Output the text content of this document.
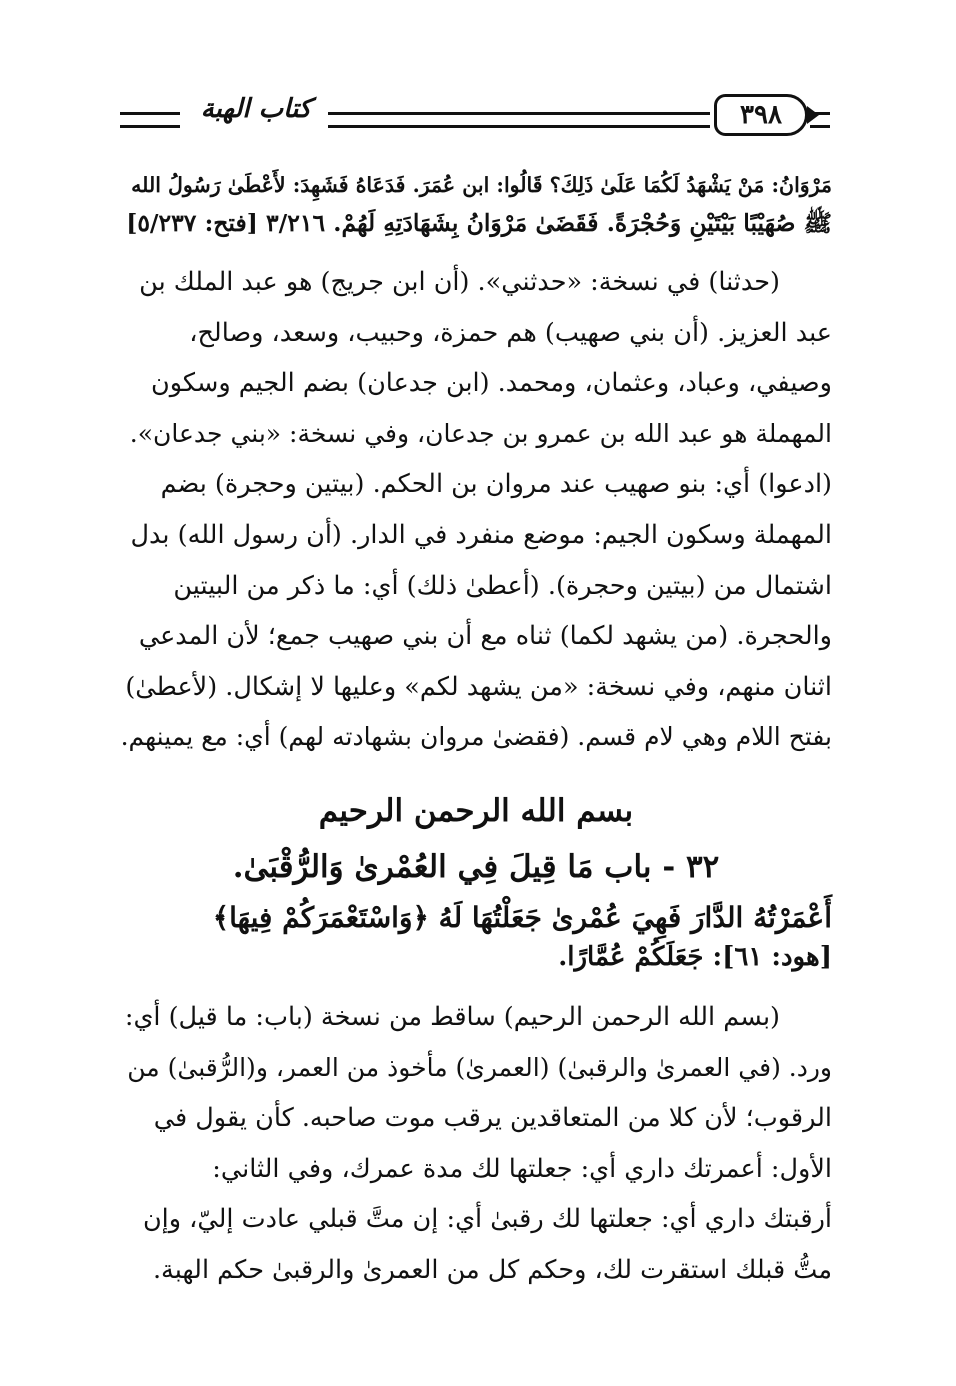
كتاب الهبة	٣٩٨
مَرْوَانُ: مَنْ يَشْهَدُ لَكُمَا عَلَىٰ ذَلِكَ؟ قَالُوا: ابن عُمَرَ. فَدَعَاهُ فَشَهِدَ: لأَعْطَىٰ رَسُولُ الله
ﷺ صُهَيْبًا بَيْتَيْنِ وَحُجْرَةً. فَقَضَىٰ مَرْوَانُ بِشَهَادَتِهِ لَهُمْ. ٣/٢١٦ [فتح: ٥/٢٣٧]
(حدثنا) في نسخة: «حدثني». (أن ابن جريج) هو عبد الملك بن
عبد العزيز. (أن بني صهيب) هم حمزة، وحبيب، وسعد، وصالح،
وصيفي، وعباد، وعثمان، ومحمد. (ابن جدعان) بضم الجيم وسكون
المهملة هو عبد الله بن عمرو بن جدعان، وفي نسخة: «بني جدعان».
(ادعوا) أي: بنو صهيب عند مروان بن الحكم. (بيتين وحجرة) بضم
المهملة وسكون الجيم: موضع منفرد في الدار. (أن رسول الله) بدل
اشتمال من (بيتين وحجرة). (أعطىٰ ذلك) أي: ما ذكر من البيتين
والحجرة. (من يشهد لكما) ثناه مع أن بني صهيب جمع؛ لأن المدعي
اثنان منهم، وفي نسخة: «من يشهد لكم» وعليها لا إشكال. (لأعطىٰ)
بفتح اللام وهي لام قسم. (فقضىٰ مروان بشهادته لهم) أي: مع يمينهم.
بسم الله الرحمن الرحيم
٣٢ - باب مَا قِيلَ فِي العُمْرىٰ وَالرُّقْبَىٰ.
أَعْمَرْتُهُ الدَّارَ فَهِيَ عُمْرىٰ جَعَلْتُهَا لَهُ ﴿وَاسْتَعْمَرَكُمْ فِيهَا﴾
[هود: ٦١]: جَعَلَكُمْ عُمَّارًا.
(بسم الله الرحمن الرحيم) ساقط من نسخة (باب: ما قيل) أي:
ورد. (في العمرىٰ والرقبىٰ) (العمرىٰ) مأخوذ من العمر، و(الرُّقبىٰ) من
الرقوب؛ لأن كلا من المتعاقدين يرقب موت صاحبه. كأن يقول في
الأول: أعمرتك داري أي: جعلتها لك مدة عمرك، وفي الثاني:
أرقبتك داري أي: جعلتها لك رقبىٰ أي: إن متَّ قبلي عادت إليّ، وإن
متُّ قبلك استقرت لك، وحكم كل من العمرىٰ والرقبىٰ حكم الهبة.
